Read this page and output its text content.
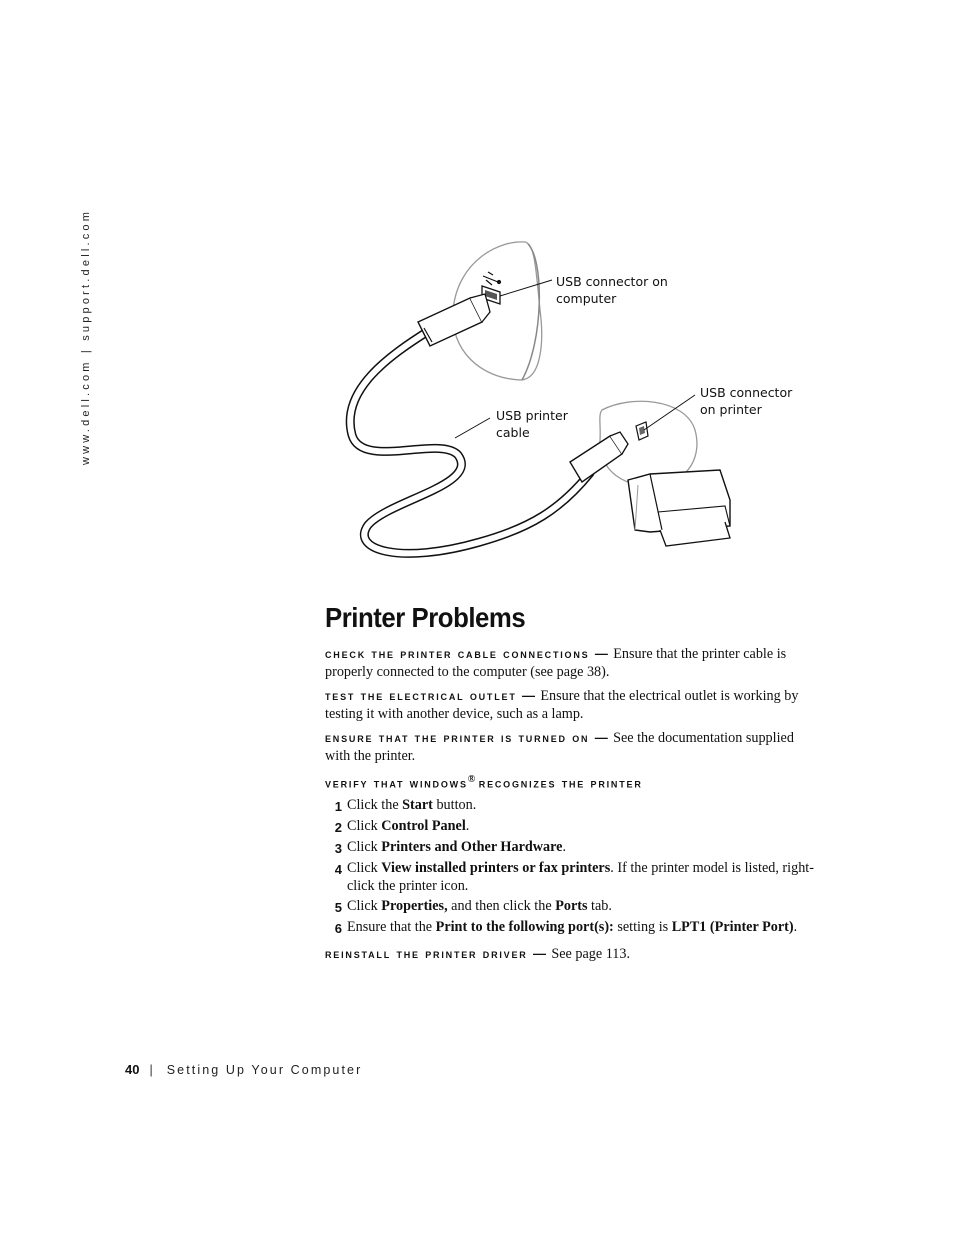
www.dell.com | support.dell.com	USB connector on
computer
USB connector
on printer
USB printer
cable
Printer Problems

check the printer cable connections — Ensure that the printer cable is properly connected to the computer (see page 38).

test the electrical outlet — Ensure that the electrical outlet is working by testing it with another device, such as a lamp.

ensure that the printer is turned on — See the documentation supplied with the printer.

verify that windows® recognizes the printer

1 Click the Start button.
2 Click Control Panel.
3 Click Printers and Other Hardware.
4 Click View installed printers or fax printers. If the printer model is listed, right-click the printer icon.
5 Click Properties, and then click the Ports tab.
6 Ensure that the Print to the following port(s): setting is LPT1 (Printer Port).

reinstall the printer driver — See page 113.

40 | Setting Up Your Computer
